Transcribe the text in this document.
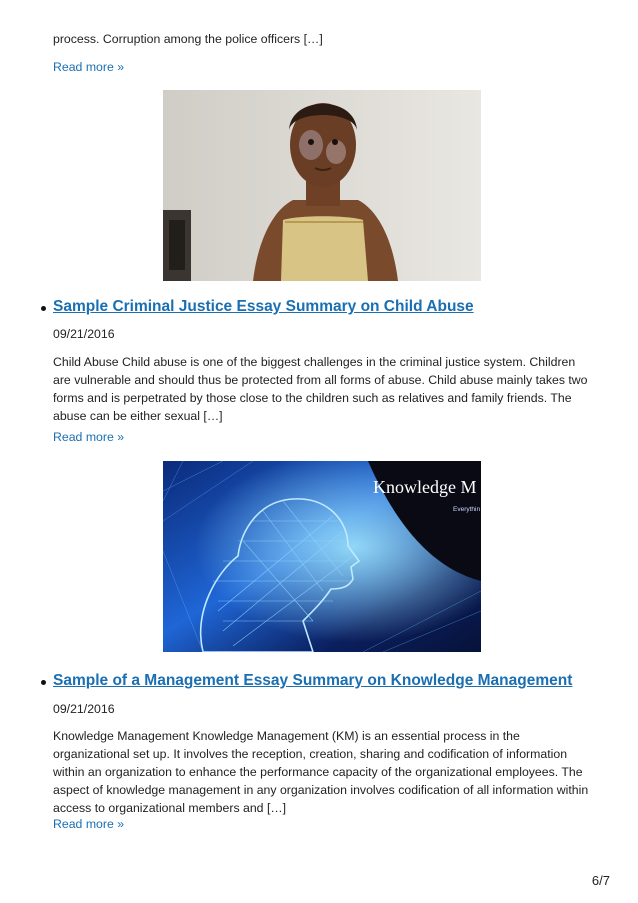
process. Corruption among the police officers […]
Read more »
Sample Criminal Justice Essay Summary on Child Abuse
09/21/2016
Child Abuse Child abuse is one of the biggest challenges in the criminal justice system. Children are vulnerable and should thus be protected from all forms of abuse. Child abuse mainly takes two forms and is perpetrated by those close to the children such as relatives and family friends. The abuse can be either sexual […]
Read more »
Knowledge M
Everythin
Sample of a Management Essay Summary on Knowledge Management
09/21/2016
Knowledge Management Knowledge Management (KM) is an essential process in the organizational set up. It involves the reception, creation, sharing and codification of information within an organization to enhance the performance capacity of the organizational employees. The aspect of knowledge management in any organization involves codification of all information within access to organizational members and […]
Read more »
6/7
